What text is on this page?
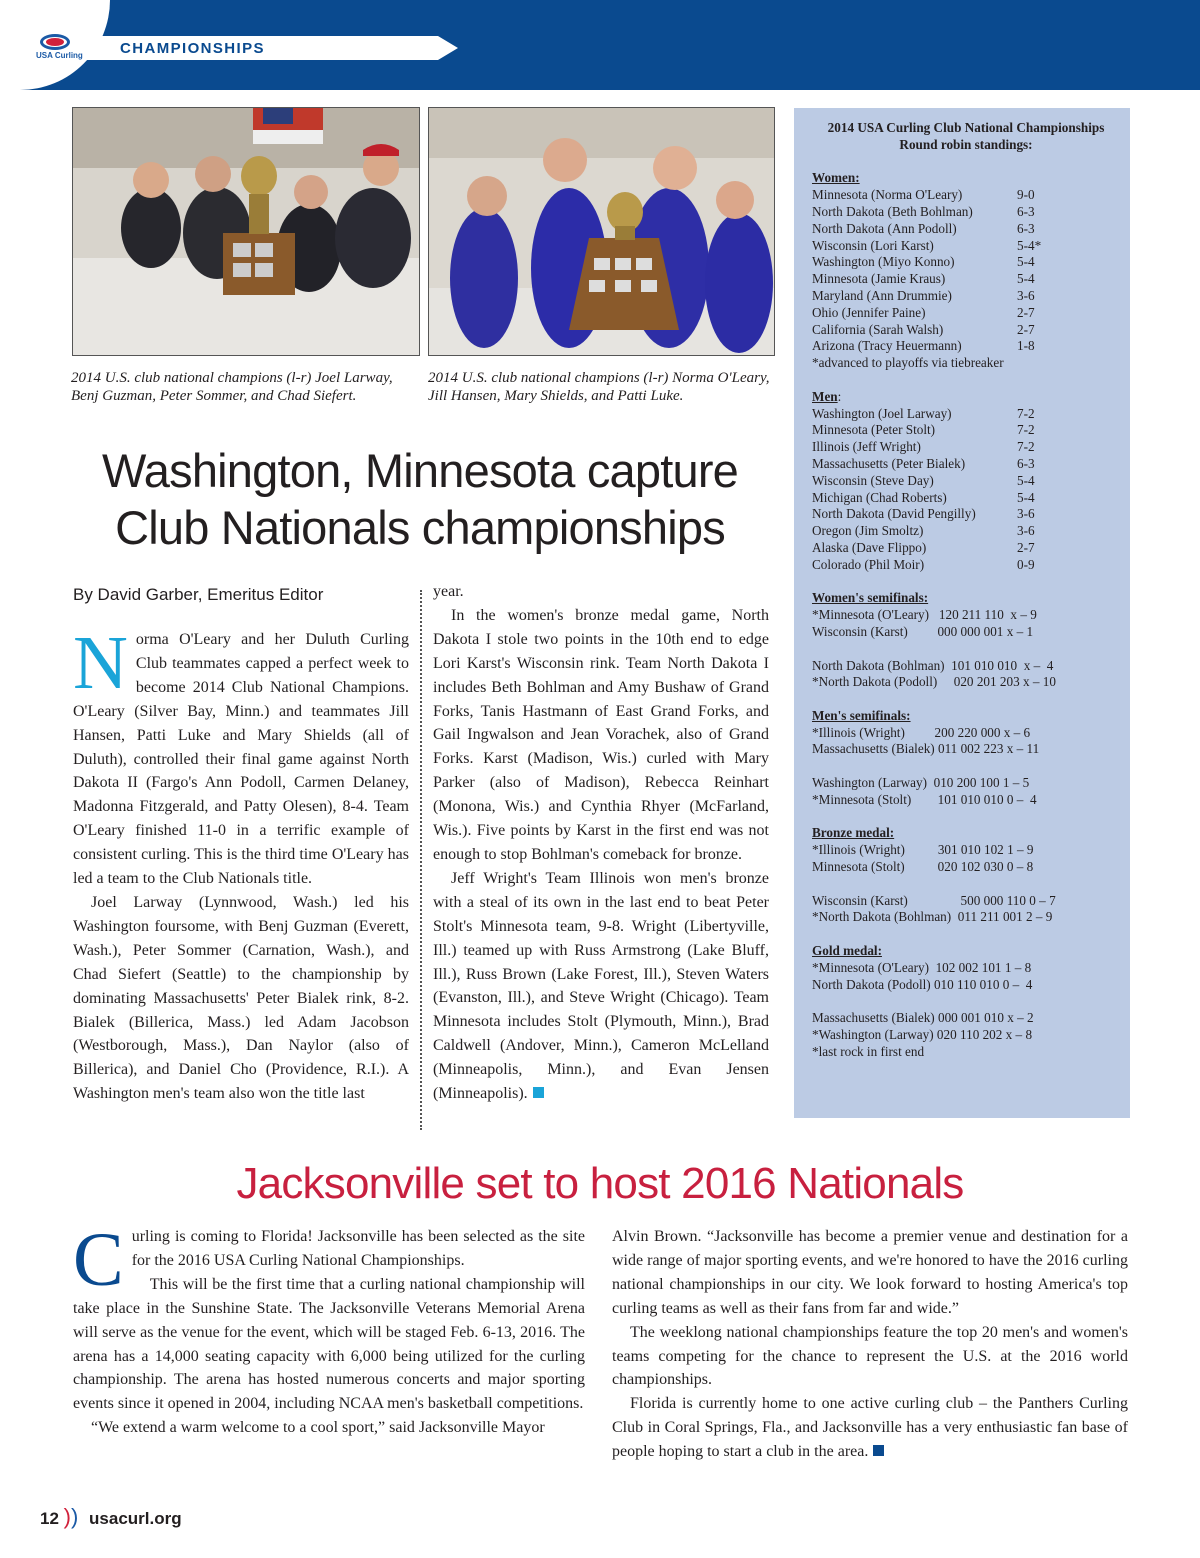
USA Curling CHAMPIONSHIPS
2014 U.S. club national champions (l-r) Joel Larway, Benj Guzman, Peter Sommer, and Chad Siefert.
2014 U.S. club national champions (l-r) Norma O'Leary, Jill Hansen, Mary Shields, and Patti Luke.
2014 USA Curling Club National Championships
Round robin standings:
Women:
Minnesota (Norma O'Leary)	9-0
North Dakota (Beth Bohlman)	6-3
North Dakota (Ann Podoll)	6-3
Wisconsin (Lori Karst)	5-4*
Washington (Miyo Konno)	5-4
Minnesota (Jamie Kraus)	5-4
Maryland (Ann Drummie)	3-6
Ohio (Jennifer Paine)	2-7
California (Sarah Walsh)	2-7
Arizona (Tracy Heuermann)	1-8
*advanced to playoffs via tiebreaker
Men:
Washington (Joel Larway)	7-2
Minnesota (Peter Stolt)	7-2
Illinois (Jeff Wright)	7-2
Massachusetts (Peter Bialek)	6-3
Wisconsin (Steve Day)	5-4
Michigan (Chad Roberts)	5-4
North Dakota (David Pengilly)	3-6
Oregon (Jim Smoltz)	3-6
Alaska (Dave Flippo)	2-7
Colorado (Phil Moir)	0-9
Women's semifinals:
*Minnesota (O'Leary)   120 211 110  x – 9
Wisconsin (Karst)         000 000 001 x – 1
North Dakota (Bohlman)  101 010 010  x –  4
*North Dakota (Podoll)     020 201 203 x – 10
Men's semifinals:
*Illinois (Wright)         200 220 000 x – 6
Massachusetts (Bialek) 011 002 223 x – 11
Washington (Larway)  010 200 100 1 – 5
*Minnesota (Stolt)        101 010 010 0 –  4
Bronze medal:
*Illinois (Wright)          301 010 102 1 – 9
Minnesota (Stolt)          020 102 030 0 – 8
Wisconsin (Karst)                500 000 110 0 – 7
*North Dakota (Bohlman)  011 211 001 2 – 9
Gold medal:
*Minnesota (O'Leary)  102 002 101 1 – 8
North Dakota (Podoll) 010 110 010 0 –  4
Massachusetts (Bialek) 000 001 010 x – 2
*Washington (Larway) 020 110 202 x – 8
*last rock in first end
Washington, Minnesota capture
Club Nationals championships
By David Garber, Emeritus Editor

Norma O'Leary and her Duluth Curling Club teammates capped a perfect week to become 2014 Club National Champions. O'Leary (Silver Bay, Minn.) and teammates Jill Hansen, Patti Luke and Mary Shields (all of Duluth), controlled their final game against North Dakota II (Fargo's Ann Podoll, Carmen Delaney, Madonna Fitzgerald, and Patty Olesen), 8-4. Team O'Leary finished 11-0 in a terrific example of consistent curling. This is the third time O'Leary has led a team to the Club Nationals title.

Joel Larway (Lynnwood, Wash.) led his Washington foursome, with Benj Guzman (Everett, Wash.), Peter Sommer (Carnation, Wash.), and Chad Siefert (Seattle) to the championship by dominating Massachusetts' Peter Bialek rink, 8-2. Bialek (Billerica, Mass.) led Adam Jacobson (Westborough, Mass.), Dan Naylor (also of Billerica), and Daniel Cho (Providence, R.I.). A Washington men's team also won the title last

year.

In the women's bronze medal game, North Dakota I stole two points in the 10th end to edge Lori Karst's Wisconsin rink. Team North Dakota I includes Beth Bohlman and Amy Bushaw of Grand Forks, Tanis Hastmann of East Grand Forks, and Gail Ingwalson and Jean Vorachek, also of Grand Forks. Karst (Madison, Wis.) curled with Mary Parker (also of Madison), Rebecca Reinhart (Monona, Wis.) and Cynthia Rhyer (McFarland, Wis.). Five points by Karst in the first end was not enough to stop Bohlman's comeback for bronze.

Jeff Wright's Team Illinois won men's bronze with a steal of its own in the last end to beat Peter Stolt's Minnesota team, 9-8. Wright (Libertyville, Ill.) teamed up with Russ Armstrong (Lake Bluff, Ill.), Russ Brown (Lake Forest, Ill.), Steven Waters (Evanston, Ill.), and Steve Wright (Chicago). Team Minnesota includes Stolt (Plymouth, Minn.), Brad Caldwell (Andover, Minn.), Cameron McLelland (Minneapolis, Minn.), and Evan Jensen (Minneapolis).

Jacksonville set to host 2016 Nationals

Curling is coming to Florida! Jacksonville has been selected as the site for the 2016 USA Curling National Championships.

This will be the first time that a curling national championship will take place in the Sunshine State. The Jacksonville Veterans Memorial Arena will serve as the venue for the event, which will be staged Feb. 6-13, 2016. The arena has a 14,000 seating capacity with 6,000 being utilized for the curling championship. The arena has hosted numerous concerts and major sporting events since it opened in 2004, including NCAA men's basketball competitions.

“We extend a warm welcome to a cool sport,” said Jacksonville Mayor

Alvin Brown. “Jacksonville has become a premier venue and destination for a wide range of major sporting events, and we're honored to have the 2016 curling national championships in our city. We look forward to hosting America's top curling teams as well as their fans from far and wide.”

The weeklong national championships feature the top 20 men's and women's teams competing for the chance to represent the U.S. at the 2016 world championships.

Florida is currently home to one active curling club – the Panthers Curling Club in Coral Springs, Fla., and Jacksonville has a very enthusiastic fan base of people hoping to start a club in the area.

12 )) usacurl.org
